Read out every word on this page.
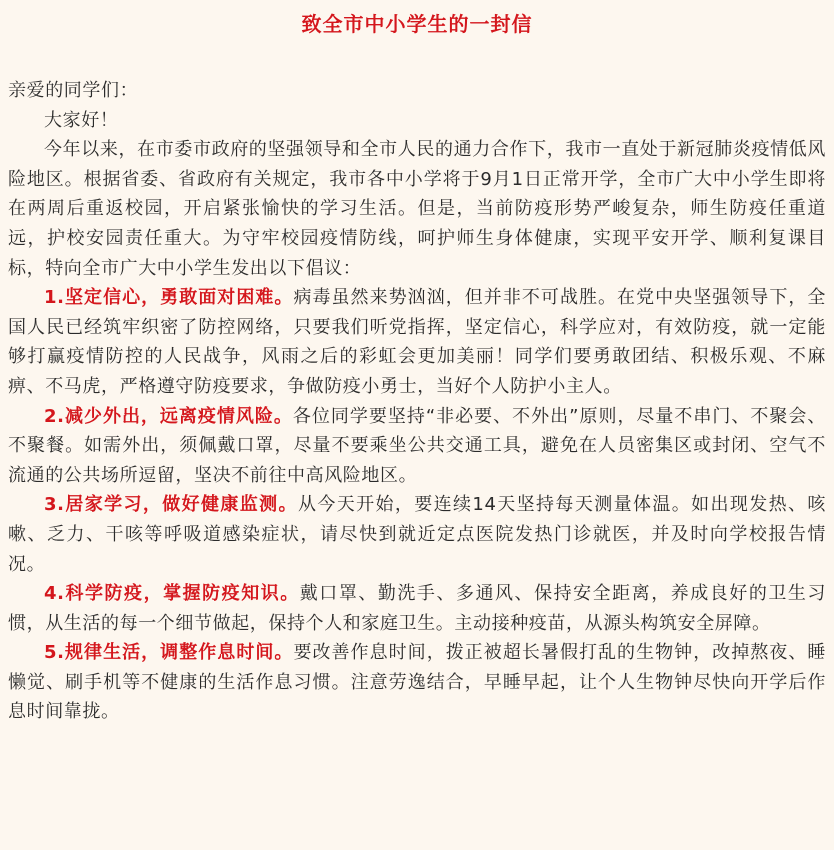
致全市中小学生的一封信

亲爱的同学们：

大家好！

今年以来，在市委市政府的坚强领导和全市人民的通力合作下，我市一直处于新冠肺炎疫情低风险地区。根据省委、省政府有关规定，我市各中小学将于9月1日正常开学，全市广大中小学生即将在两周后重返校园，开启紧张愉快的学习生活。但是，当前防疫形势严峻复杂，师生防疫任重道远，护校安园责任重大。为守牢校园疫情防线，呵护师生身体健康，实现平安开学、顺利复课目标，特向全市广大中小学生发出以下倡议：

1.坚定信心，勇敢面对困难。病毒虽然来势汹汹，但并非不可战胜。在党中央坚强领导下，全国人民已经筑牢织密了防控网络，只要我们听党指挥，坚定信心，科学应对，有效防疫，就一定能够打赢疫情防控的人民战争，风雨之后的彩虹会更加美丽！同学们要勇敢团结、积极乐观、不麻痹、不马虎，严格遵守防疫要求，争做防疫小勇士，当好个人防护小主人。

2.减少外出，远离疫情风险。各位同学要坚持“非必要、不外出”原则，尽量不串门、不聚会、不聚餐。如需外出，须佩戴口罩，尽量不要乘坐公共交通工具，避免在人员密集区或封闭、空气不流通的公共场所逗留，坚决不前往中高风险地区。

3.居家学习，做好健康监测。从今天开始，要连续14天坚持每天测量体温。如出现发热、咳嗽、乏力、干咳等呼吸道感染症状，请尽快到就近定点医院发热门诊就医，并及时向学校报告情况。

4.科学防疫，掌握防疫知识。戴口罩、勤洗手、多通风、保持安全距离，养成良好的卫生习惯，从生活的每一个细节做起，保持个人和家庭卫生。主动接种疫苗，从源头构筑安全屏障。

5.规律生活，调整作息时间。要改善作息时间，拨正被超长暑假打乱的生物钟，改掉熬夜、睡懒觉、刷手机等不健康的生活作息习惯。注意劳逸结合，早睡早起，让个人生物钟尽快向开学后作息时间靠拢。
